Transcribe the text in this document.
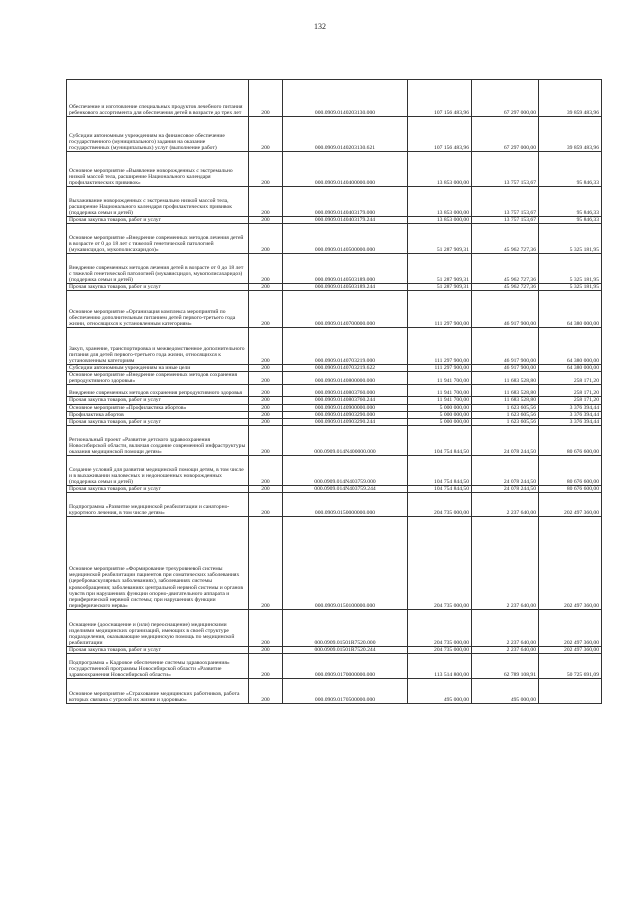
132
Обеспечение и изготовление специальных продуктов лечебного питания ребенкового ассортимента для обеспечения детей в возрасте до трех лет	200	000.0909.0140203130.000	107 156 483,96	67 297 000,00	39 859 483,96
Субсидии автономным учреждениям на финансовое обеспечение государственного (муниципального) задания на оказание государственных (муниципальных) услуг (выполнение работ)	200	000.0909.0140203130.621	107 156 483,96	67 297 000,00	39 859 483,96
Основное мероприятие «Выявление новорожденных с экстремально низкой массой тела, расширение Национального календаря профилактических прививок»	200	000.0909.0140400000.000	13 853 000,00	13 757 153,67	95 846,33
Выхаживание новорожденных с экстремально низкой массой тела, расширение Национального календаря профилактических прививок (поддержка семьи и детей)	200	000.0909.0140403179.000	13 853 000,00	13 757 153,67	95 846,33
Прочая закупка товаров, работ и услуг	200	000.0909.0140403179.244	13 853 000,00	13 757 153,67	95 846,33
Основное мероприятие «Внедрение современных методов лечения детей в возрасте от 0 до 18 лет с тяжелой генетической патологией (мукависцидоз, мукополисахаридоз)»	200	000.0909.0140500000.000	51 287 909,31	45 962 727,36	5 325 181,95
Внедрение современных методов лечения детей в возрасте от 0 до 18 лет с тяжелой генетической патологией (мукависцидоз, мукополисахаридоз) (поддержка семьи и детей)	200	000.0909.0140503189.000	51 287 909,31	45 962 727,36	5 325 181,95
Прочая закупка товаров, работ и услуг	200	000.0909.0140503189.244	51 287 909,31	45 962 727,36	5 325 181,95
Основное мероприятие «Организация комплекса мероприятий по обеспечению дополнительным питанием детей первого-третьего года жизни, относящихся к установленным категориям»	200	000.0909.0140700000.000	111 297 900,00	46 917 900,00	64 380 000,00
Закуп, хранение, транспортировка и межведомственное дополнительного питания для детей первого-третьего года жизни, относящихся к установленным категориям	200	000.0909.0140703219.000	111 297 900,00	46 917 900,00	64 380 000,00
Субсидии автономным учреждениям на иные цели	200	000.0909.0140703219.622	111 297 900,00	46 917 900,00	64 380 000,00
Основное мероприятие «Внедрение современных методов сохранения репродуктивного здоровья»	200	000.0909.0140800000.000	11 941 700,00	11 683 528,80	258 171,20
Внедрение современных методов сохранения репродуктивного здоровья	200	000.0909.0140803760.000	11 941 700,00	11 683 528,80	258 171,20
Прочая закупка товаров, работ и услуг	200	000.0909.0140803760.244	11 941 700,00	11 683 528,80	258 171,20
Основное мероприятие «Профилактика абортов»	200	000.0909.0140900000.000	5 000 000,00	1 623 605,56	3 376 394,44
Профилактика абортов	200	000.0909.0140903290.000	5 000 000,00	1 623 605,56	3 376 394,44
Прочая закупка товаров, работ и услуг	200	000.0909.0140903290.244	5 000 000,00	1 623 605,56	3 376 394,44
Региональный проект «Развитие детского здравоохранения Новосибирской области, включая создание современной инфраструктуры оказания медицинской помощи детям»	200	000.0909.014N400000.000	104 754 844,50	24 078 244,50	80 676 600,00
Создание условий для развития медицинской помощи детям, в том числе и в выхаживании маловесных и недоношенных новорожденных (поддержка семьи и детей)	200	000.0909.014N403759.000	104 754 844,50	24 078 244,50	80 676 600,00
Прочая закупка товаров, работ и услуг	200	000.0909.014N403759.244	104 754 844,50	24 078 244,50	80 676 600,00
Подпрограмма «Развитие медицинской реабилитации и санаторно-курортного лечения, в том числе детям»	200	000.0909.0150000000.000	204 735 000,00	2 237 640,00	202 497 360,00
Основное мероприятие «Формирование трехуровневой системы медицинской реабилитации пациентов при соматических заболеваниях (цереброваскулярных заболеваниях), заболеваниях системы кровообращения; заболеваниях центральной нервной системы и органов чувств при нарушениях функции опорно-двигательного аппарата и периферической нервной системы; при нарушениях функции периферического нерва»	200	000.0909.0150100000.000	204 735 000,00	2 237 640,00	202 497 360,00
Оснащение (дооснащение и (или) переоснащение) медицинскими изделиями медицинских организаций, имеющих в своей структуре подразделения, оказывающие медицинскую помощь по медицинской реабилитации	200	000.0909.01501R7520.000	204 735 000,00	2 237 640,00	202 497 360,00
Прочая закупка товаров, работ и услуг	200	000.0909.01501R7520.244	204 735 000,00	2 237 640,00	202 497 360,00
Подпрограмма « Кадровое обеспечение системы здравоохранения» государственной программы Новосибирской области «Развитие здравоохранения Новосибирской области»	200	000.0909.0170000000.000	113 514 800,00	62 789 108,91	50 725 691,09
Основное мероприятие «Страхование медицинских работников, работа которых связана с угрозой их жизни и здоровью»	200	000.0909.0170500000.000	495 000,00	495 000,00	
